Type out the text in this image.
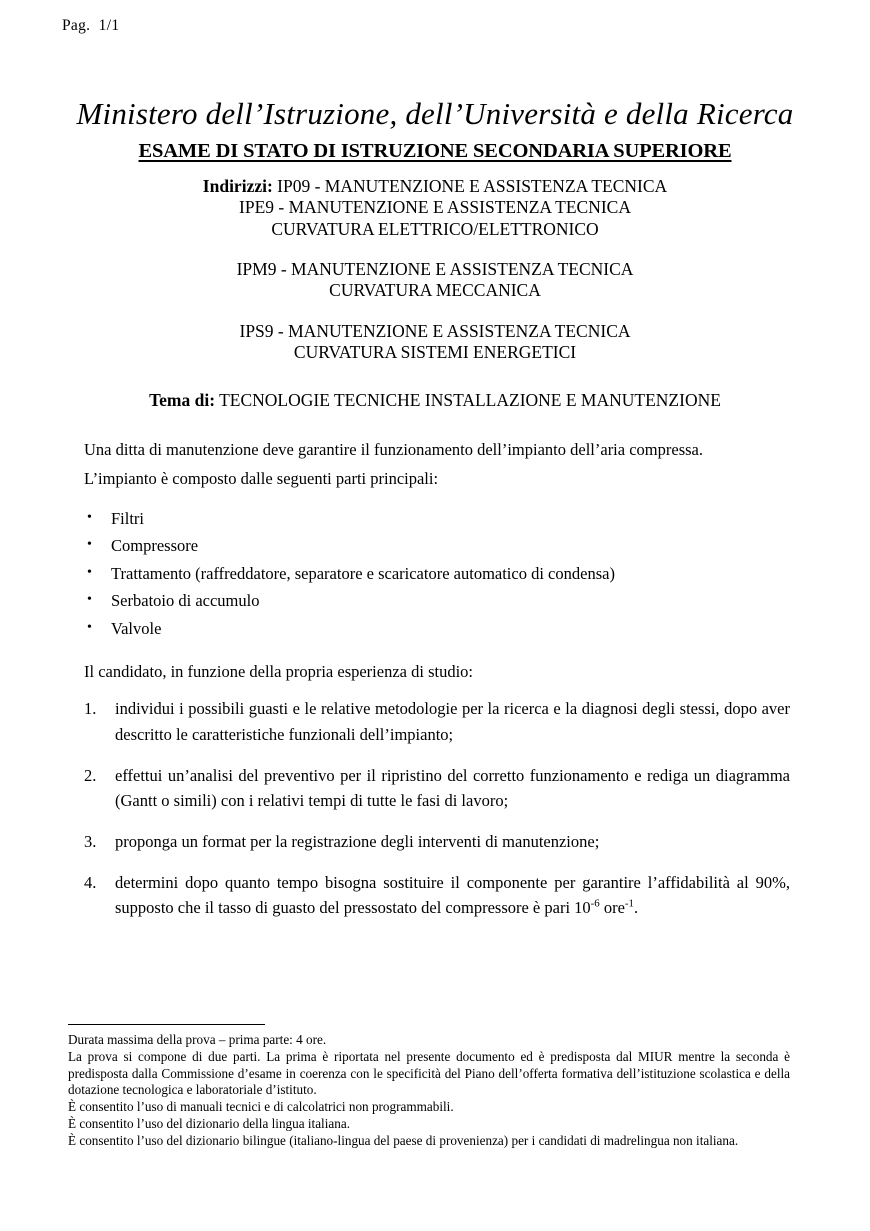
Pag.  1/1
Ministero dell’Istruzione, dell’Università e della Ricerca
ESAME DI STATO DI ISTRUZIONE SECONDARIA SUPERIORE
Indirizzi: IP09 - MANUTENZIONE E ASSISTENZA TECNICA
IPE9 - MANUTENZIONE E ASSISTENZA TECNICA
CURVATURA ELETTRICO/ELETTRONICO
IPM9 - MANUTENZIONE E ASSISTENZA TECNICA
CURVATURA MECCANICA
IPS9 - MANUTENZIONE E ASSISTENZA TECNICA
CURVATURA SISTEMI ENERGETICI
Tema di: TECNOLOGIE TECNICHE INSTALLAZIONE E MANUTENZIONE

Una ditta di manutenzione deve garantire il funzionamento dell’impianto dell’aria compressa.

L’impianto è composto dalle seguenti parti principali:

• Filtri
• Compressore
• Trattamento (raffreddatore, separatore e scaricatore automatico di condensa)
• Serbatoio di accumulo
• Valvole

Il candidato, in funzione della propria esperienza di studio:

1. individui i possibili guasti e le relative metodologie per la ricerca e la diagnosi degli stessi, dopo aver descritto le caratteristiche funzionali dell’impianto;
2. effettui un’analisi del preventivo per il ripristino del corretto funzionamento e rediga un diagramma (Gantt o simili) con i relativi tempi di tutte le fasi di lavoro;
3. proponga un format per la registrazione degli interventi di manutenzione;
4. determini dopo quanto tempo bisogna sostituire il componente per garantire l’affidabilità al 90%, supposto che il tasso di guasto del pressostato del compressore è pari $10^{-6}$ ore$^{-1}$.

Durata massima della prova – prima parte: 4 ore.

La prova si compone di due parti. La prima è riportata nel presente documento ed è predisposta dal MIUR mentre la seconda è predisposta dalla Commissione d’esame in coerenza con le specificità del Piano dell’offerta formativa dell’istituzione scolastica e della dotazione tecnologica e laboratoriale d’istituto.

È consentito l’uso di manuali tecnici e di calcolatrici non programmabili.

È consentito l’uso del dizionario della lingua italiana.

È consentito l’uso del dizionario bilingue (italiano-lingua del paese di provenienza) per i candidati di madrelingua non italiana.
